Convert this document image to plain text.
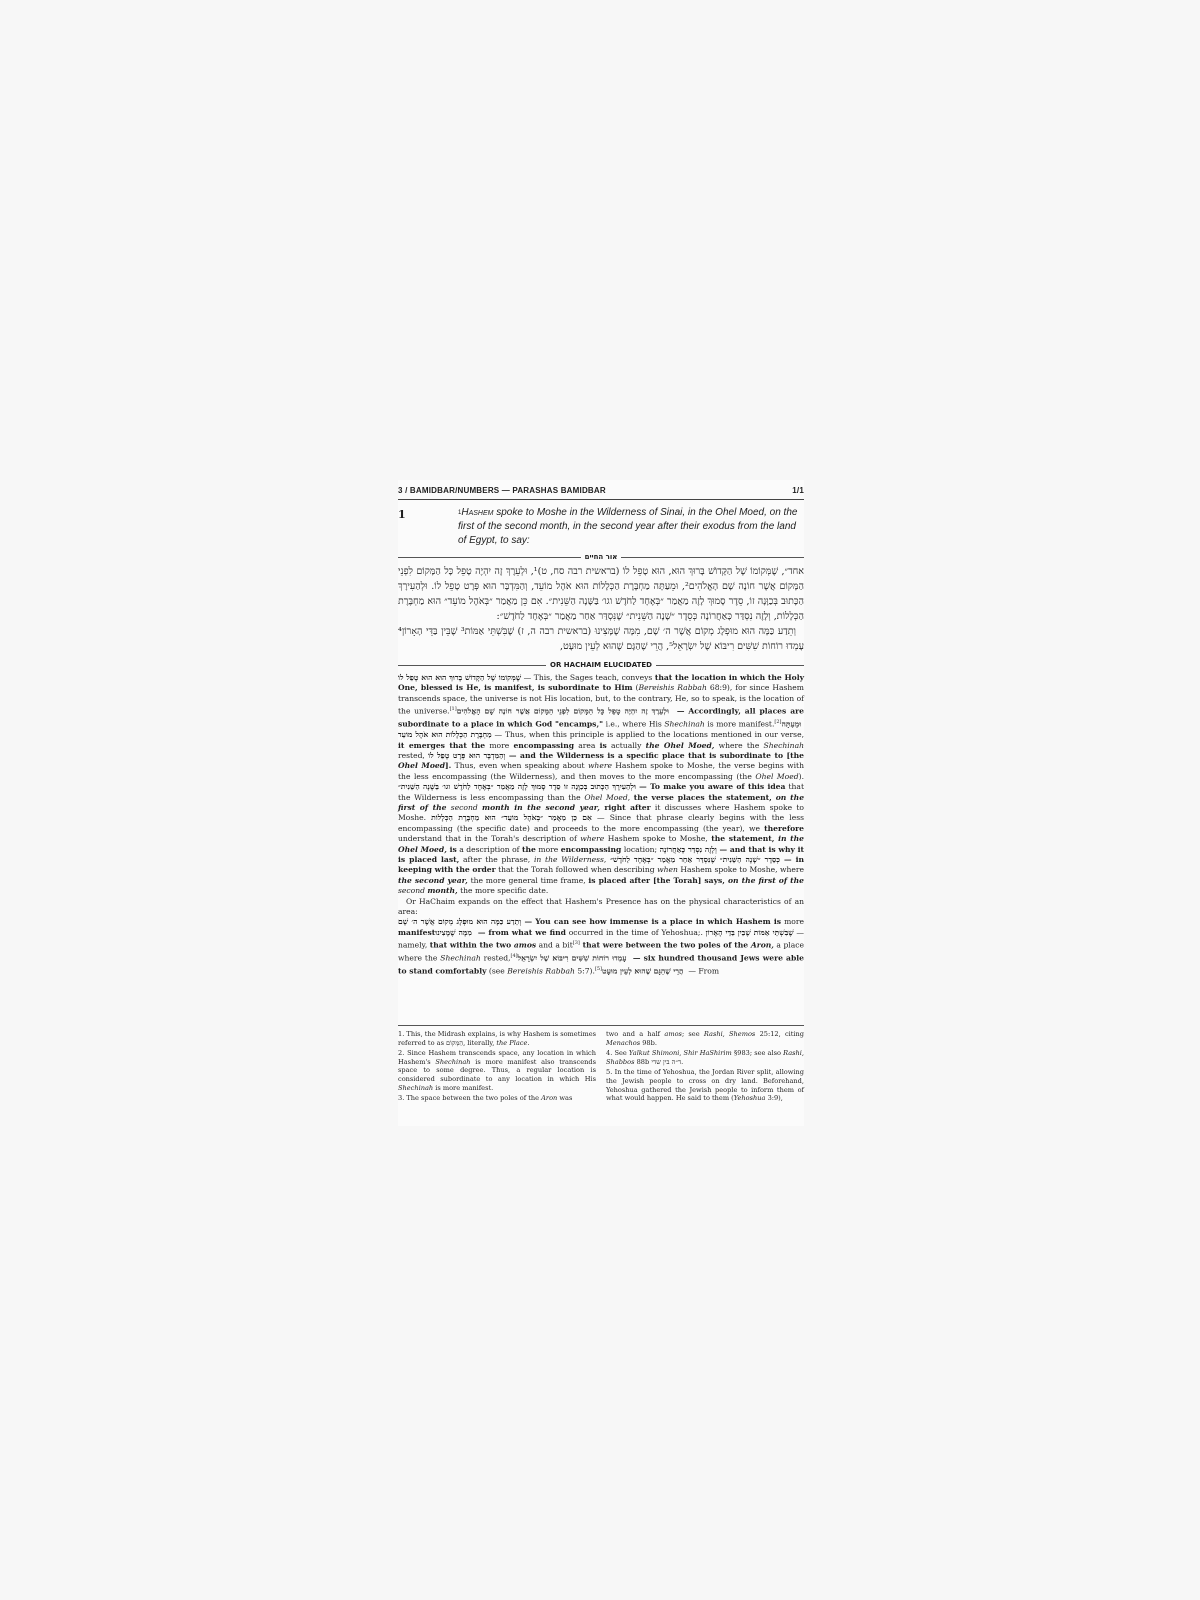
3 / BAMIDBAR/NUMBERS — PARASHAS BAMIDBAR	1/1
1	$^1$Hashem spoke to Moshe in the Wilderness of Sinai, in the Ohel Moed, on the first of the second month, in the second year after their exodus from the land of Egypt, to say:
אור החיים

אחד״, שֶׁמְּקוֹמוֹ שֶׁל הַקָּדוֹשׁ בָּרוּךְ הוּא, הוּא טָפֵל לוֹ (בראשית רבה סח, ט)¹, וּלְעֵרֶךְ זֶה יִהְיֶה טָפֵל כָּל הַמָּקוֹם לִפְנֵי הַמָּקוֹם אֲשֶׁר חוֹנֶה שָׁם הָאֱלֹהִים², וּמֵעַתָּה מַחְבֶּרֶת הַכְּלָלוֹת הוּא אֹהֶל מוֹעֵד, וְהַמִּדְבָּר הוּא פְּרָט טָפֵל לוֹ. וּלְהַעִירָךְ הַכָּתוּב בְּכַוָּנָה זוֹ, סֵדֶר סָמוּךְ לָזֶה מַאֲמַר ״בְּאֶחָד לַחֹדֶשׁ וגו׳ בַּשָּׁנָה הַשֵּׁנִית״. אִם כֵּן מַאֲמַר ״בְּאֹהֶל מוֹעֵד״ הוּא מַחְבֶּרֶת הַכְּלָלוֹת, וְלָזֶה נִסְדַּר כָּאַחֲרוֹנָה כְּסֵדֶר ״שָׁנָה הַשֵּׁנִית״ שֶׁנִּסְדַּר אַחַר מַאֲמַר ״בְּאֶחָד לַחֹדֶשׁ״:

וְתֵדַע כַּמָּה הוּא מוּפְלָג מְקוֹם אֲשֶׁר ה׳ שָׁם, מִמָּה שֶׁמָּצִינוּ (בראשית רבה ה, ז) שֶׁבִּשְׁתֵּי אַמּוֹת³ שֶׁבֵּין בַּדֵּי הָאָרוֹן⁴ עָמְדוּ רוֹחוֹת שִׁשִּׁים רִיבּוֹא שֶׁל יִשְׂרָאֵל⁵, הֲרֵי שֶׁהַגָּם שֶׁהוּא לְעֵין מוּעָט,

OR HACHAIM ELUCIDATED

שֶׁמְּקוֹמוֹ שֶׁל הַקָּדוֹשׁ בָּרוּךְ הוּא הוּא טָפֵל לוֹ — This, the Sages teach, conveys that the location in which the Holy One, blessed is He, is manifest, is subordinate to Him (Bereishis Rabbah 68:9), for since Hashem transcends space, the universe is not His location, but, to the contrary, He, so to speak, is the location of the universe.[1] וּלְעֵרֶךְ זֶה יִהְיֶה טָפֵל כָּל הַמָּקוֹם לִפְנֵי הַמָּקוֹם אֲשֶׁר חוֹנֶה שָׁם הָאֱלֹהִים — Accordingly, all places are subordinate to a place in which God "encamps," i.e., where His Shechinah is more manifest.[2] וּמֵעַתָּה מַחְבֶּרֶת הַכְּלָלוֹת הוּא אֹהֶל מוֹעֵד — Thus, when this principle is applied to the locations mentioned in our verse, it emerges that the more encompassing area is actually the Ohel Moed, where the Shechinah rested, וְהַמִּדְבָּר הוּא פְּרָט טָפֵל לוֹ — and the Wilderness is a specific place that is subordinate to [the Ohel Moed]. Thus, even when speaking about where Hashem spoke to Moshe, the verse begins with the less encompassing (the Wilderness), and then moves to the more encompassing (the Ohel Moed). וּלְהַעִירָךְ הַכָּתוּב בְּכַוָּנָה זוֹ סֵדֶר סָמוּךְ לָזֶה מַאֲמַר ״בְּאֶחָד לַחֹדֶשׁ וגו׳ בַּשָּׁנָה הַשֵּׁנִית״ — To make you aware of this idea that the Wilderness is less encompassing than the Ohel Moed, the verse places the statement, on the first of the second month in the second year, right after it discusses where Hashem spoke to Moshe. אִם כֵּן מַאֲמַר ״בְּאֹהֶל מוֹעֵד״ הוּא מַחְבֶּרֶת הַכְּלָלוֹת — Since that phrase clearly begins with the less encompassing (the specific date) and proceeds to the more encompassing (the year), we therefore understand that in the Torah's description of where Hashem spoke to Moshe, the statement, in the Ohel Moed, is a description of the more encompassing location; וְלָזֶה נִסְדַּר כָּאַחֲרוֹנָה — and that is why it is placed last, after the phrase, in the Wilderness, כְּסֵדֶר ״שָׁנָה הַשֵּׁנִית״ שֶׁנִּסְדַּר אַחַר מַאֲמַר ״בְּאֶחָד לַחֹדֶשׁ״ — in keeping with the order that the Torah followed when describing when Hashem spoke to Moshe, where the second year, the more general time frame, is placed after [the Torah] says, on the first of the second month, the more specific date.

Or HaChaim expands on the effect that Hashem's Presence has on the physical characteristics of an area:

וְתֵדַע כַּמָּה הוּא מוּפְלָג מְקוֹם אֲשֶׁר ה׳ שָׁם — You can see how immense is a place in which Hashem is more manifest מִמָּה שֶׁמָּצִינוּ — from what we find occurred in the time of Yehoshua;. שֶׁבִּשְׁתֵּי אַמּוֹת שֶׁבֵּין בַּדֵּי הָאָרוֹן — namely, that within the two amos and a bit[3] that were between the two poles of the Aron, a place where the Shechinah rested,[4] עָמְדוּ רוֹחוֹת שִׁשִּׁים רִיבּוֹא שֶׁל יִשְׂרָאֵל — six hundred thousand Jews were able to stand comfortably (see Bereishis Rabbah 5:7).[5] הֲרֵי שֶׁהַגָּם שֶׁהוּא לְעֵין מוּעָט — From

1. This, the Midrash explains, is why Hashem is sometimes referred to as הַמָּקוֹם, literally, the Place.

2. Since Hashem transcends space, any location in which Hashem's Shechinah is more manifest also transcends space to some degree. Thus, a regular location is considered subordinate to any location in which His Shechinah is more manifest.

3. The space between the two poles of the Aron was

two and a half amos; see Rashi, Shemos 25:12, citing Menachos 98b.

4. See Yalkut Shimoni, Shir HaShirim §983; see also Rashi, Shabbos 88b ד״ה בין שדי.

5. In the time of Yehoshua, the Jordan River split, allowing the Jewish people to cross on dry land. Beforehand, Yehoshua gathered the Jewish people to inform them of what would happen. He said to them (Yehoshua 3:9),
